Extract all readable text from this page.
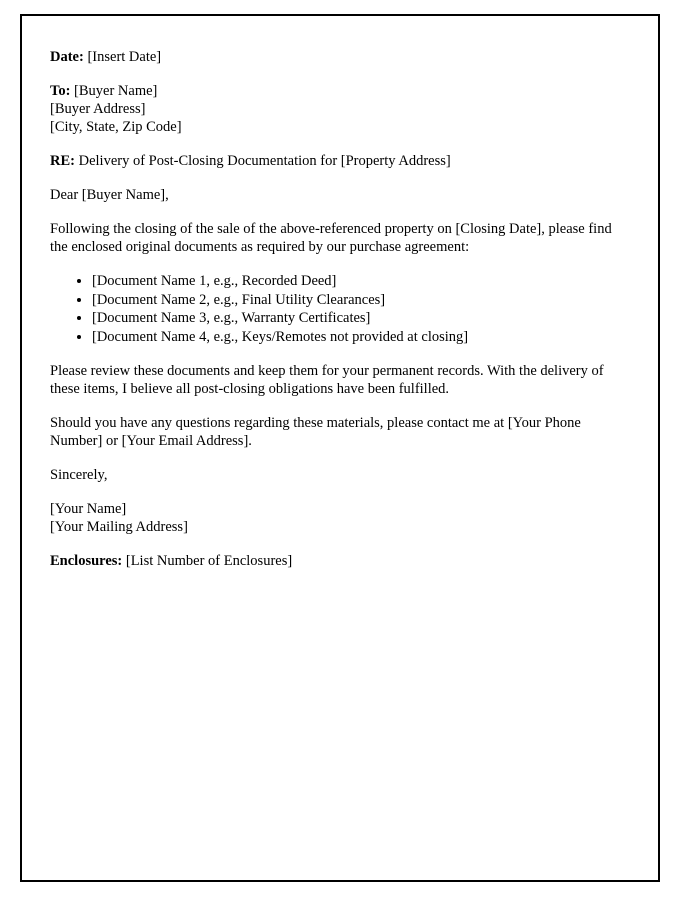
Date: [Insert Date]

To: [Buyer Name]

[Buyer Address]

[City, State, Zip Code]

RE: Delivery of Post-Closing Documentation for [Property Address]

Dear [Buyer Name],

Following the closing of the sale of the above-referenced property on [Closing Date], please find the enclosed original documents as required by our purchase agreement:

• [Document Name 1, e.g., Recorded Deed]
• [Document Name 2, e.g., Final Utility Clearances]
• [Document Name 3, e.g., Warranty Certificates]
• [Document Name 4, e.g., Keys/Remotes not provided at closing]

Please review these documents and keep them for your permanent records. With the delivery of these items, I believe all post-closing obligations have been fulfilled.

Should you have any questions regarding these materials, please contact me at [Your Phone Number] or [Your Email Address].

Sincerely,

[Your Name]

[Your Mailing Address]

Enclosures: [List Number of Enclosures]
